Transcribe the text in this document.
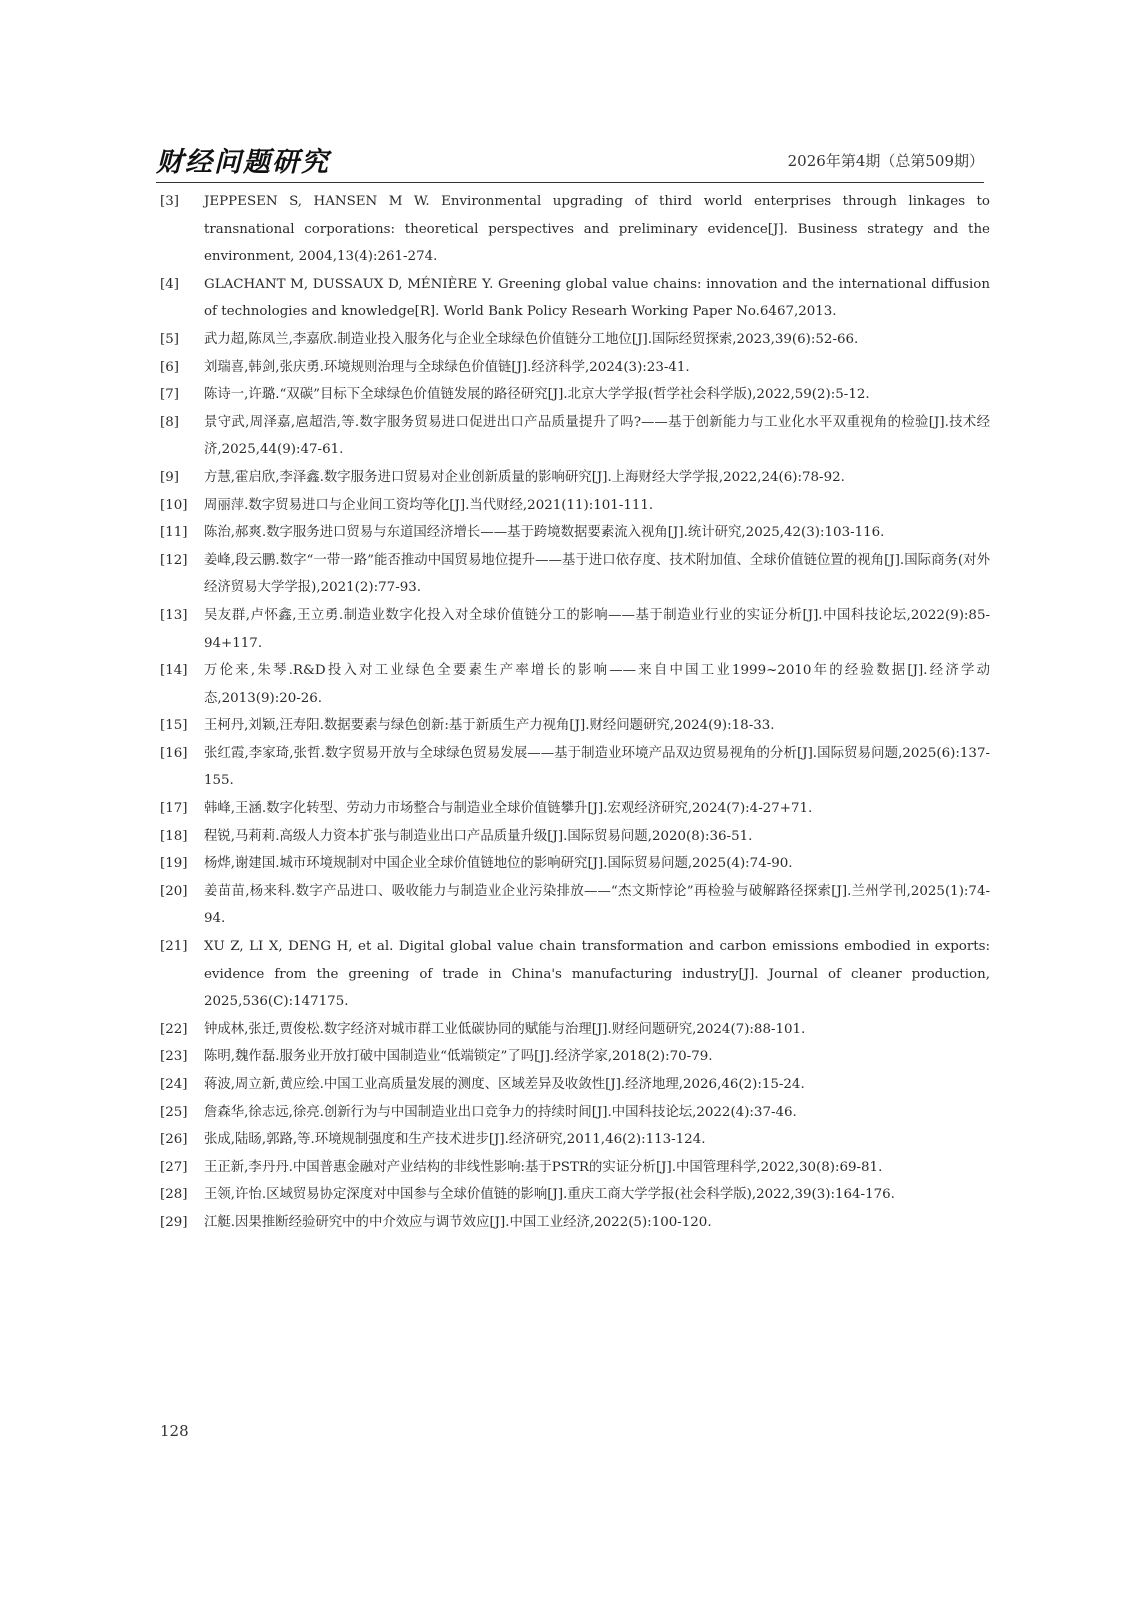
财经问题研究	2026年第4期（总第509期）
[3] JEPPESEN S, HANSEN M W. Environmental upgrading of third world enterprises through linkages to transnational corporations: theoretical perspectives and preliminary evidence[J]. Business strategy and the environment, 2004,13(4):261-274.
[4] GLACHANT M, DUSSAUX D, MÉNIÈRE Y. Greening global value chains: innovation and the international diffusion of technologies and knowledge[R]. World Bank Policy Researh Working Paper No.6467,2013.
[5] 武力超,陈凤兰,李嘉欣.制造业投入服务化与企业全球绿色价值链分工地位[J].国际经贸探索,2023,39(6):52-66.
[6] 刘瑞喜,韩剑,张庆勇.环境规则治理与全球绿色价值链[J].经济科学,2024(3):23-41.
[7] 陈诗一,许璐.“双碳”目标下全球绿色价值链发展的路径研究[J].北京大学学报(哲学社会科学版),2022,59(2):5-12.
[8] 景守武,周泽嘉,扈超浩,等.数字服务贸易进口促进出口产品质量提升了吗?——基于创新能力与工业化水平双重视角的检验[J].技术经济,2025,44(9):47-61.
[9] 方慧,霍启欣,李泽鑫.数字服务进口贸易对企业创新质量的影响研究[J].上海财经大学学报,2022,24(6):78-92.
[10] 周丽萍.数字贸易进口与企业间工资均等化[J].当代财经,2021(11):101-111.
[11] 陈治,郝爽.数字服务进口贸易与东道国经济增长——基于跨境数据要素流入视角[J].统计研究,2025,42(3):103-116.
[12] 姜峰,段云鹏.数字“一带一路”能否推动中国贸易地位提升——基于进口依存度、技术附加值、全球价值链位置的视角[J].国际商务(对外经济贸易大学学报),2021(2):77-93.
[13] 吴友群,卢怀鑫,王立勇.制造业数字化投入对全球价值链分工的影响——基于制造业行业的实证分析[J].中国科技论坛,2022(9):85-94+117.
[14] 万伦来,朱琴.R&D投入对工业绿色全要素生产率增长的影响——来自中国工业1999~2010年的经验数据[J].经济学动态,2013(9):20-26.
[15] 王柯丹,刘颖,汪寿阳.数据要素与绿色创新:基于新质生产力视角[J].财经问题研究,2024(9):18-33.
[16] 张红霞,李家琦,张哲.数字贸易开放与全球绿色贸易发展——基于制造业环境产品双边贸易视角的分析[J].国际贸易问题,2025(6):137-155.
[17] 韩峰,王涵.数字化转型、劳动力市场整合与制造业全球价值链攀升[J].宏观经济研究,2024(7):4-27+71.
[18] 程锐,马莉莉.高级人力资本扩张与制造业出口产品质量升级[J].国际贸易问题,2020(8):36-51.
[19] 杨烨,谢建国.城市环境规制对中国企业全球价值链地位的影响研究[J].国际贸易问题,2025(4):74-90.
[20] 姜苗苗,杨来科.数字产品进口、吸收能力与制造业企业污染排放——“杰文斯悖论”再检验与破解路径探索[J].兰州学刊,2025(1):74-94.
[21] XU Z, LI X, DENG H, et al. Digital global value chain transformation and carbon emissions embodied in exports: evidence from the greening of trade in China's manufacturing industry[J]. Journal of cleaner production, 2025,536(C):147175.
[22] 钟成林,张迁,贾俊松.数字经济对城市群工业低碳协同的赋能与治理[J].财经问题研究,2024(7):88-101.
[23] 陈明,魏作磊.服务业开放打破中国制造业“低端锁定”了吗[J].经济学家,2018(2):70-79.
[24] 蒋波,周立新,黄应绘.中国工业高质量发展的测度、区域差异及收敛性[J].经济地理,2026,46(2):15-24.
[25] 詹森华,徐志远,徐亮.创新行为与中国制造业出口竞争力的持续时间[J].中国科技论坛,2022(4):37-46.
[26] 张成,陆旸,郭路,等.环境规制强度和生产技术进步[J].经济研究,2011,46(2):113-124.
[27] 王正新,李丹丹.中国普惠金融对产业结构的非线性影响:基于PSTR的实证分析[J].中国管理科学,2022,30(8):69-81.
[28] 王领,许怡.区域贸易协定深度对中国参与全球价值链的影响[J].重庆工商大学学报(社会科学版),2022,39(3):164-176.
[29] 江艇.因果推断经验研究中的中介效应与调节效应[J].中国工业经济,2022(5):100-120.
128
